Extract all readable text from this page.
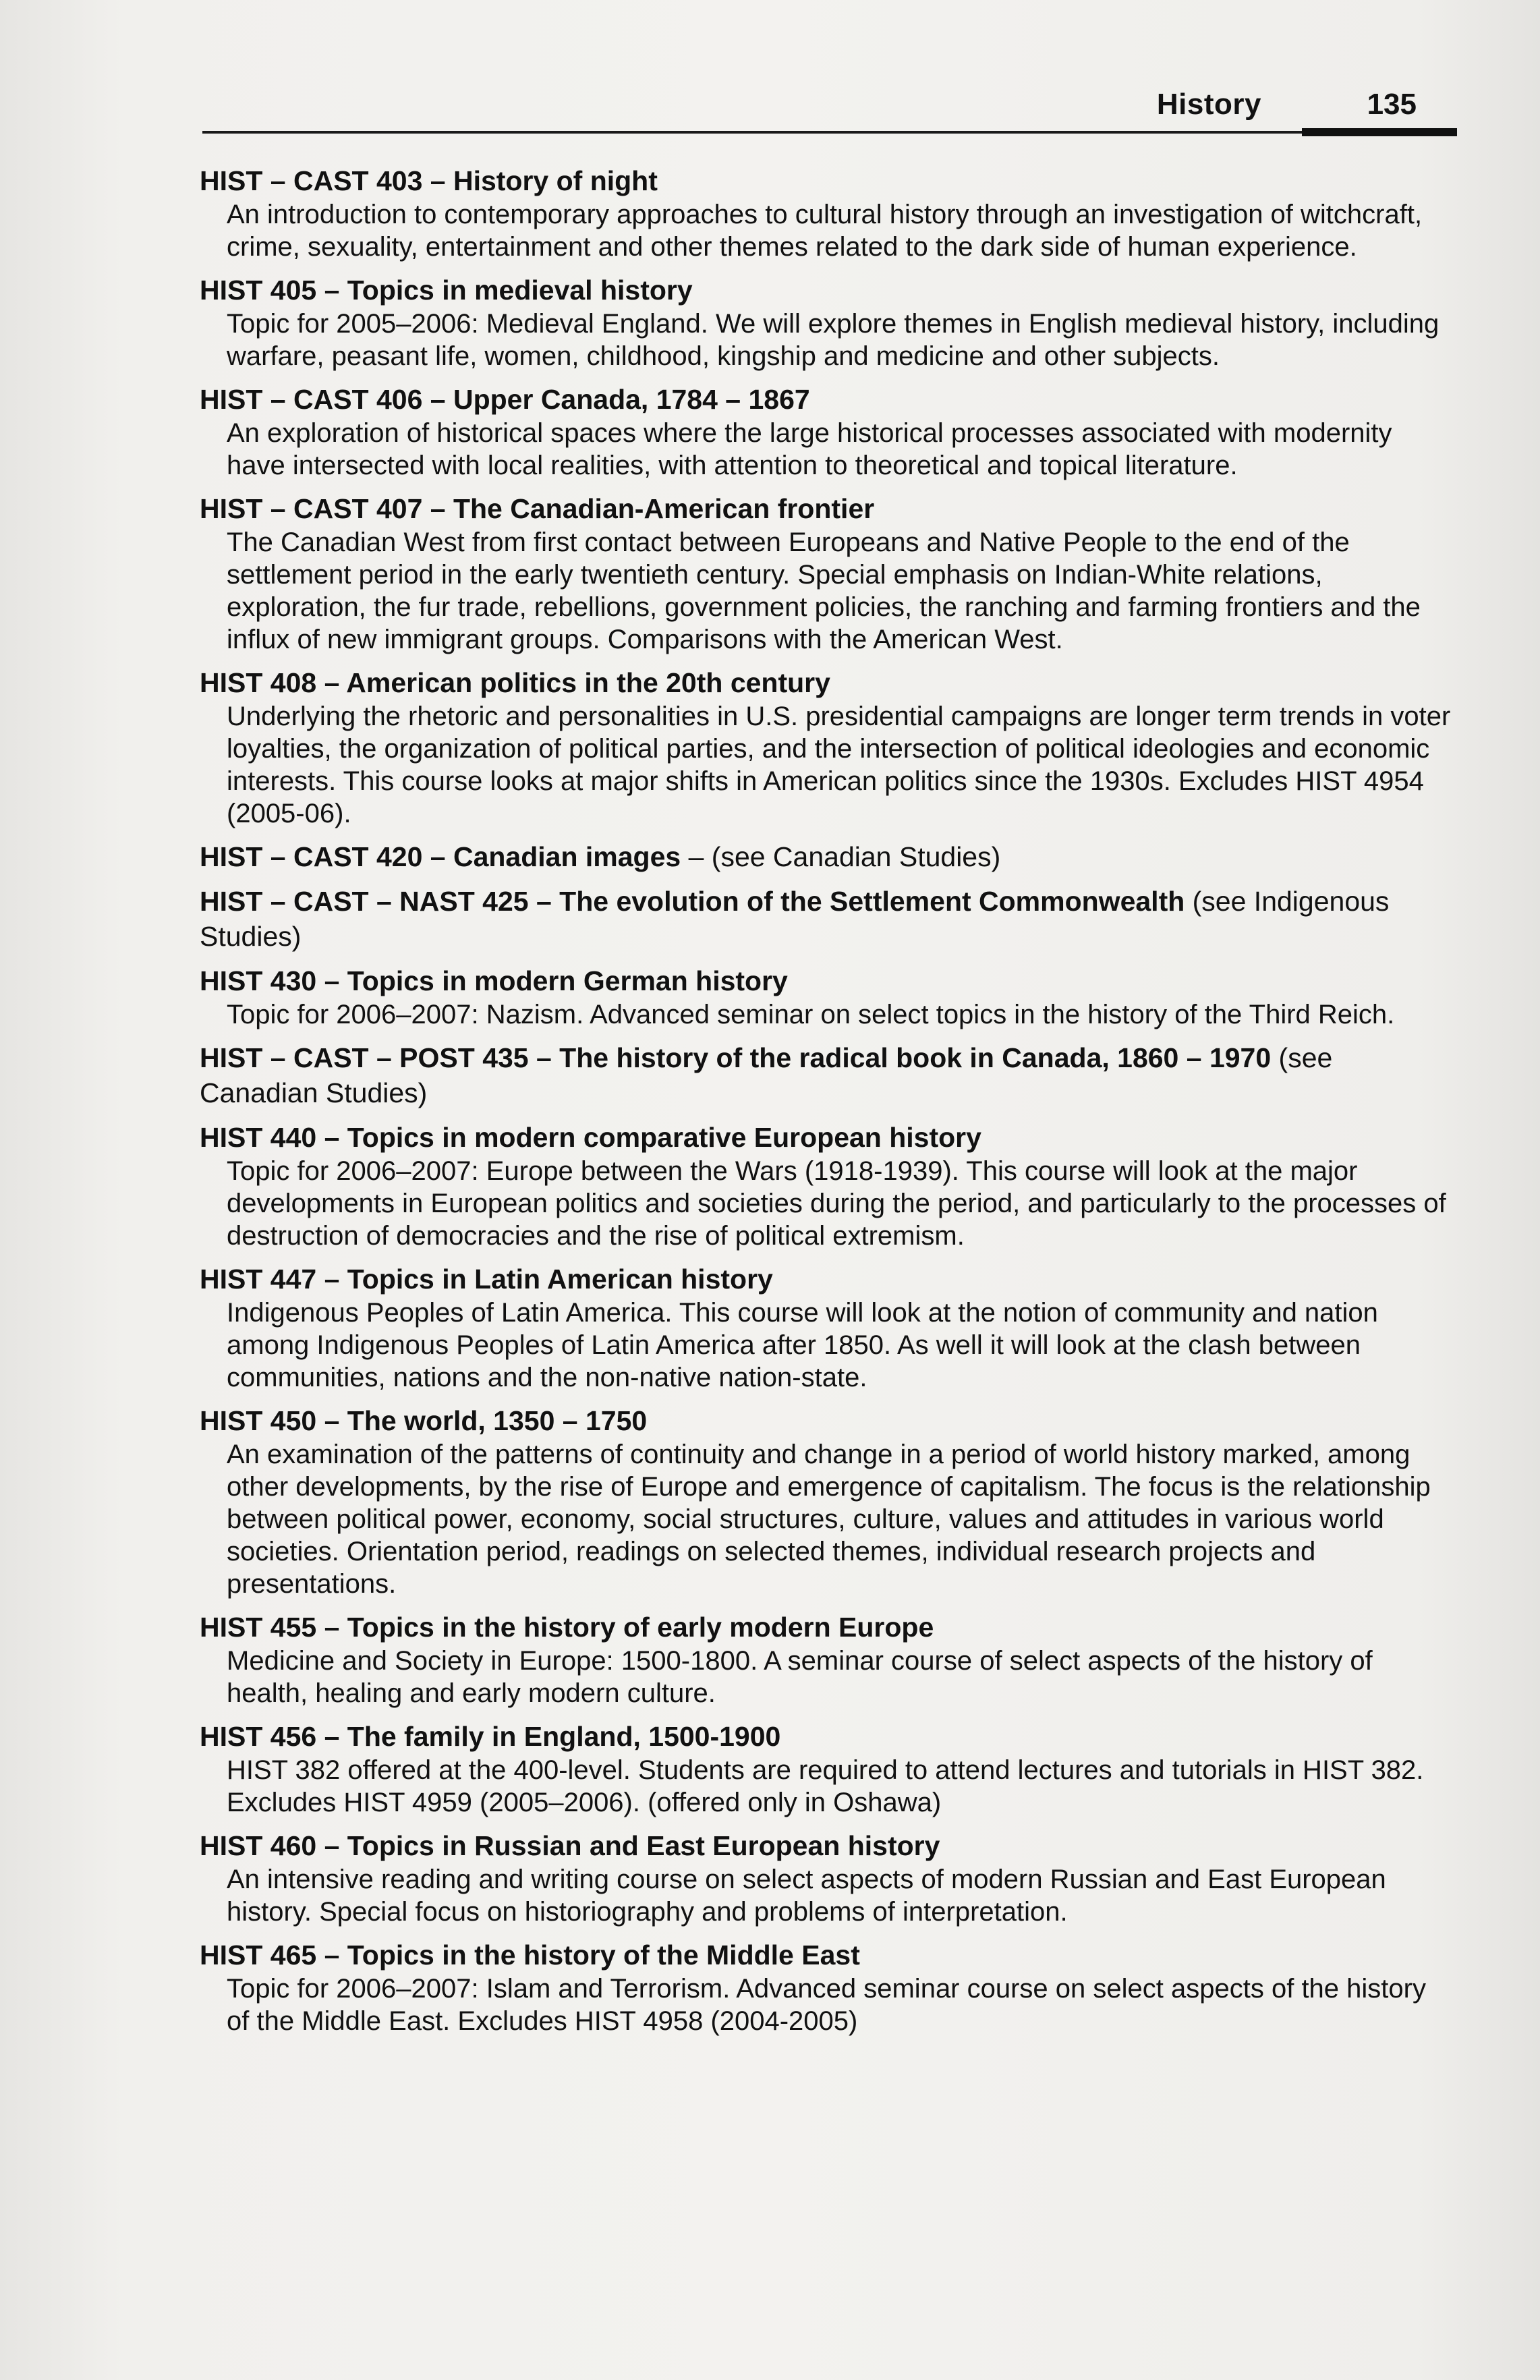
History	135
HIST – CAST 403 – History of night

An introduction to contemporary approaches to cultural history through an investigation of witchcraft, crime, sexuality, entertainment and other themes related to the dark side of human experience.

HIST 405 – Topics in medieval history

Topic for 2005–2006: Medieval England. We will explore themes in English medieval history, including warfare, peasant life, women, childhood, kingship and medicine and other subjects.

HIST – CAST 406 – Upper Canada, 1784 – 1867

An exploration of historical spaces where the large historical processes associated with modernity have intersected with local realities, with attention to theoretical and topical literature.

HIST – CAST 407 – The Canadian-American frontier

The Canadian West from first contact between Europeans and Native People to the end of the settlement period in the early twentieth century. Special emphasis on Indian-White relations, exploration, the fur trade, rebellions, government policies, the ranching and farming frontiers and the influx of new immigrant groups. Comparisons with the American West.

HIST 408 – American politics in the 20th century

Underlying the rhetoric and personalities in U.S. presidential campaigns are longer term trends in voter loyalties, the organization of political parties, and the intersection of political ideologies and economic interests. This course looks at major shifts in American politics since the 1930s. Excludes HIST 4954 (2005-06).

HIST – CAST 420 – Canadian images – (see Canadian Studies)
HIST – CAST – NAST 425 – The evolution of the Settlement Commonwealth (see Indigenous Studies)
HIST 430 – Topics in modern German history

Topic for 2006–2007: Nazism. Advanced seminar on select topics in the history of the Third Reich.

HIST – CAST – POST 435 – The history of the radical book in Canada, 1860 – 1970 (see Canadian Studies)
HIST 440 – Topics in modern comparative European history

Topic for 2006–2007: Europe between the Wars (1918-1939). This course will look at the major developments in European politics and societies during the period, and particularly to the processes of destruction of democracies and the rise of political extremism.

HIST 447 – Topics in Latin American history

Indigenous Peoples of Latin America. This course will look at the notion of community and nation among Indigenous Peoples of Latin America after 1850. As well it will look at the clash between communities, nations and the non-native nation-state.

HIST 450 – The world, 1350 – 1750

An examination of the patterns of continuity and change in a period of world history marked, among other developments, by the rise of Europe and emergence of capitalism. The focus is the relationship between political power, economy, social structures, culture, values and attitudes in various world societies. Orientation period, readings on selected themes, individual research projects and presentations.

HIST 455 – Topics in the history of early modern Europe

Medicine and Society in Europe: 1500-1800. A seminar course of select aspects of the history of health, healing and early modern culture.

HIST 456 – The family in England, 1500-1900

HIST 382 offered at the 400-level. Students are required to attend lectures and tutorials in HIST 382. Excludes HIST 4959 (2005–2006). (offered only in Oshawa)

HIST 460 – Topics in Russian and East European history

An intensive reading and writing course on select aspects of modern Russian and East European history. Special focus on historiography and problems of interpretation.

HIST 465 – Topics in the history of the Middle East

Topic for 2006–2007: Islam and Terrorism. Advanced seminar course on select aspects of the history of the Middle East. Excludes HIST 4958 (2004-2005)
